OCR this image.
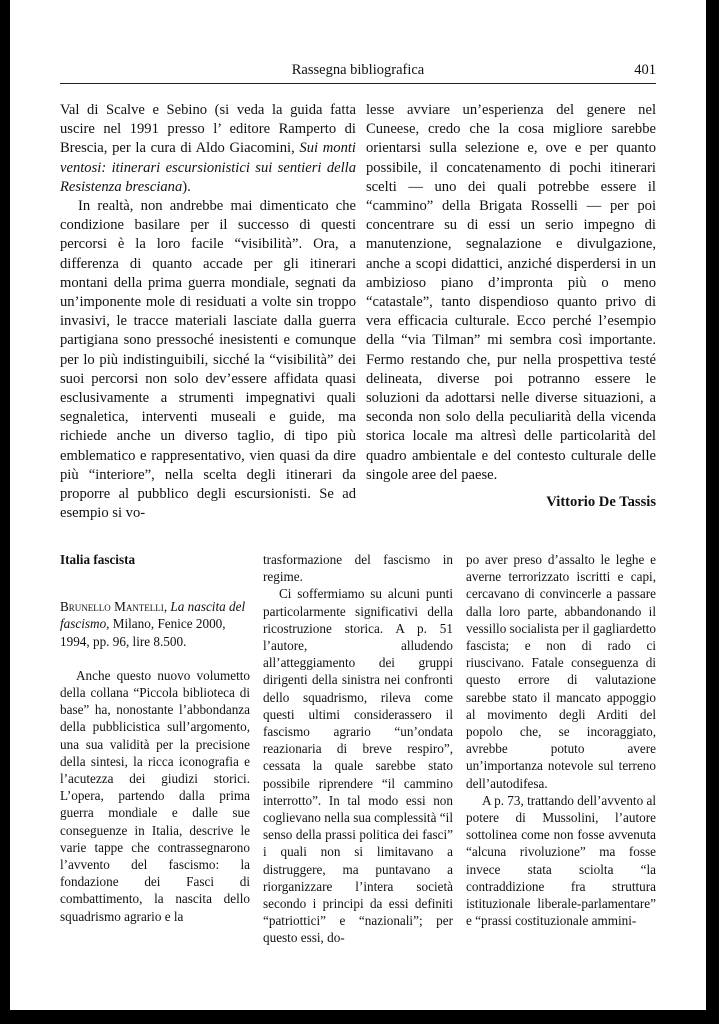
Rassegna bibliografica	401

Val di Scalve e Sebino (si veda la guida fatta uscire nel 1991 presso l’ editore Ramperto di Brescia, per la cura di Aldo Giacomini, Sui monti ventosi: itinerari escursionistici sui sentieri della Resistenza bresciana).

In realtà, non andrebbe mai dimenticato che condizione basilare per il successo di questi percorsi è la loro facile “visibilità”. Ora, a differenza di quanto accade per gli itinerari montani della prima guerra mondiale, segnati da un’imponente mole di residuati a volte sin troppo invasivi, le tracce materiali lasciate dalla guerra partigiana sono pressoché inesistenti e comunque per lo più indistinguibili, sicché la “visibilità” dei suoi percorsi non solo dev’essere affidata quasi esclusivamente a strumenti impegnativi quali segnaletica, interventi museali e guide, ma richiede anche un diverso taglio, di tipo più emblematico e rappresentativo, vien quasi da dire più “interiore”, nella scelta degli itinerari da proporre al pubblico degli escursionisti. Se ad esempio si vo-

lesse avviare un’esperienza del genere nel Cuneese, credo che la cosa migliore sarebbe orientarsi sulla selezione e, ove e per quanto possibile, il concatenamento di pochi itinerari scelti — uno dei quali potrebbe essere il “cammino” della Brigata Rosselli — per poi concentrare su di essi un serio impegno di manutenzione, segnalazione e divulgazione, anche a scopi didattici, anziché disperdersi in un ambizioso piano d’impronta più o meno “catastale”, tanto dispendioso quanto privo di vera efficacia culturale. Ecco perché l’esempio della “via Tilman” mi sembra così importante. Fermo restando che, pur nella prospettiva testé delineata, diverse poi potranno essere le soluzioni da adottarsi nelle diverse situazioni, a seconda non solo della peculiarità della vicenda storica locale ma altresì delle particolarità del quadro ambientale e del contesto culturale delle singole aree del paese.

Vittorio De Tassis

Italia fascista

Brunello Mantelli, La nascita del fascismo, Milano, Fenice 2000, 1994, pp. 96, lire 8.500.

Anche questo nuovo volumetto della collana “Piccola biblioteca di base” ha, nonostante l’abbondanza della pubblicistica sull’argomento, una sua validità per la precisione della sintesi, la ricca iconografia e l’acutezza dei giudizi storici. L’opera, partendo dalla prima guerra mondiale e dalle sue conseguenze in Italia, descrive le varie tappe che contrassegnarono l’avvento del fascismo: la fondazione dei Fasci di combattimento, la nascita dello squadrismo agrario e la

trasformazione del fascismo in regime.

Ci soffermiamo su alcuni punti particolarmente significativi della ricostruzione storica. A p. 51 l’autore, alludendo all’atteggiamento dei gruppi dirigenti della sinistra nei confronti dello squadrismo, rileva come questi ultimi considerassero il fascismo agrario “un’ondata reazionaria di breve respiro”, cessata la quale sarebbe stato possibile riprendere “il cammino interrotto”. In tal modo essi non coglievano nella sua complessità “il senso della prassi politica dei fasci” i quali non si limitavano a distruggere, ma puntavano a riorganizzare l’intera società secondo i principi da essi definiti “patriottici” e “nazionali”; per questo essi, do-

po aver preso d’assalto le leghe e averne terrorizzato iscritti e capi, cercavano di convincerle a passare dalla loro parte, abbandonando il vessillo socialista per il gagliardetto fascista; e non di rado ci riuscivano. Fatale conseguenza di questo errore di valutazione sarebbe stato il mancato appoggio al movimento degli Arditi del popolo che, se incoraggiato, avrebbe potuto avere un’importanza notevole sul terreno dell’autodifesa.

A p. 73, trattando dell’avvento al potere di Mussolini, l’autore sottolinea come non fosse avvenuta “alcuna rivoluzione” ma fosse invece stata sciolta “la contraddizione fra struttura istituzionale liberale-parlamentare” e “prassi costituzionale ammini-
